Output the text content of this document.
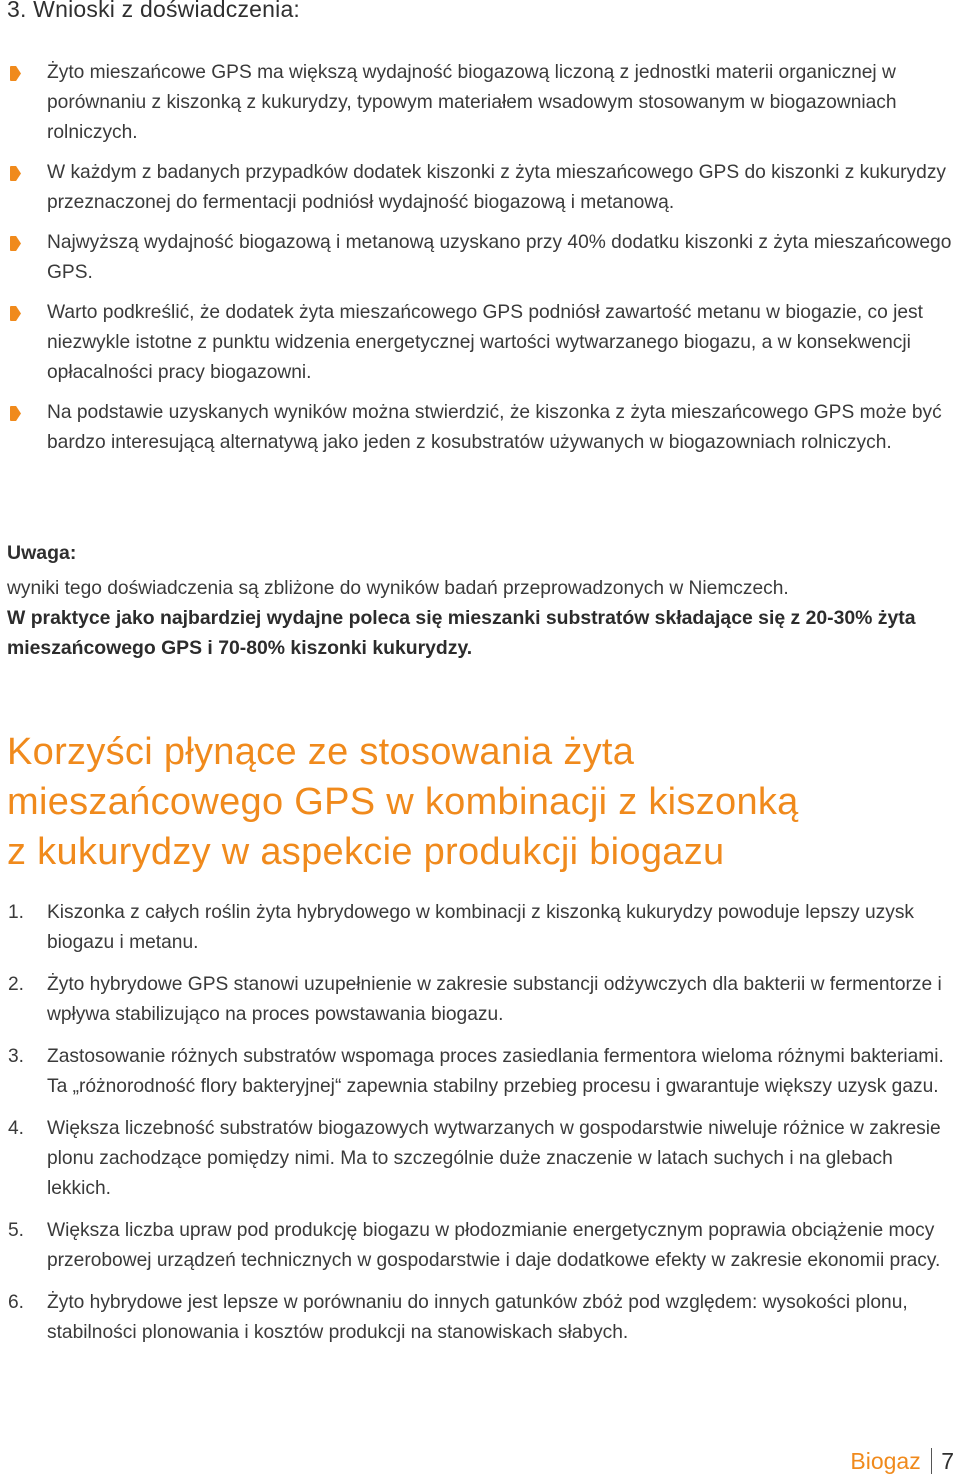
3. Wnioski z doświadczenia:
Żyto mieszańcowe GPS ma większą wydajność biogazową liczoną z jednostki materii organicznej w porównaniu z kiszonką z kukurydzy, typowym materiałem wsadowym stosowanym w biogazowniach rolniczych.
W każdym z badanych przypadków dodatek kiszonki z żyta mieszańcowego GPS do kiszonki z kukurydzy przeznaczonej do fermentacji podniósł wydajność biogazową i metanową.
Najwyższą wydajność biogazową i metanową uzyskano przy 40% dodatku kiszonki z żyta mieszańcowego GPS.
Warto podkreślić, że dodatek żyta mieszańcowego GPS podniósł zawartość metanu w biogazie, co jest niezwykle istotne z punktu widzenia energetycznej wartości wytwarzanego biogazu, a w konsekwencji opłacalności pracy biogazowni.
Na podstawie uzyskanych wyników można stwierdzić, że kiszonka z żyta mieszańcowego GPS może być bardzo interesującą alternatywą jako jeden z kosubstratów używanych w biogazowniach rolniczych.

Uwaga:

wyniki tego doświadczenia są zbliżone do wyników badań przeprowadzonych w Niemczech.

W praktyce jako najbardziej wydajne poleca się mieszanki substratów składające się z 20-30% żyta mieszańcowego GPS i 70-80% kiszonki kukurydzy.

Korzyści płynące ze stosowania żyta
mieszańcowego GPS w kombinacji z kiszonką
z kukurydzy w aspekcie produkcji biogazu
1. Kiszonka z całych roślin żyta hybrydowego w kombinacji z kiszonką kukurydzy powoduje lepszy uzysk biogazu i metanu.
2. Żyto hybrydowe GPS stanowi uzupełnienie w zakresie substancji odżywczych dla bakterii w fermentorze i wpływa stabilizująco na proces powstawania biogazu.
3. Zastosowanie różnych substratów wspomaga proces zasiedlania fermentora wieloma różnymi bakteriami. Ta „różnorodność flory bakteryjnej“ zapewnia stabilny przebieg procesu i gwarantuje większy uzysk gazu.
4. Większa liczebność substratów biogazowych wytwarzanych w gospodarstwie niweluje różnice w zakresie plonu zachodzące pomiędzy nimi. Ma to szczególnie duże znaczenie w latach suchych i na glebach lekkich.
5. Większa liczba upraw pod produkcję biogazu w płodozmianie energetycznym poprawia obciążenie mocy przerobowej urządzeń technicznych w gospodarstwie i daje dodatkowe efekty w zakresie ekonomii pracy.
6. Żyto hybrydowe jest lepsze w porównaniu do innych gatunków zbóż pod względem: wysokości plonu, stabilności plonowania i kosztów produkcji na stanowiskach słabych.
Biogaz 7
